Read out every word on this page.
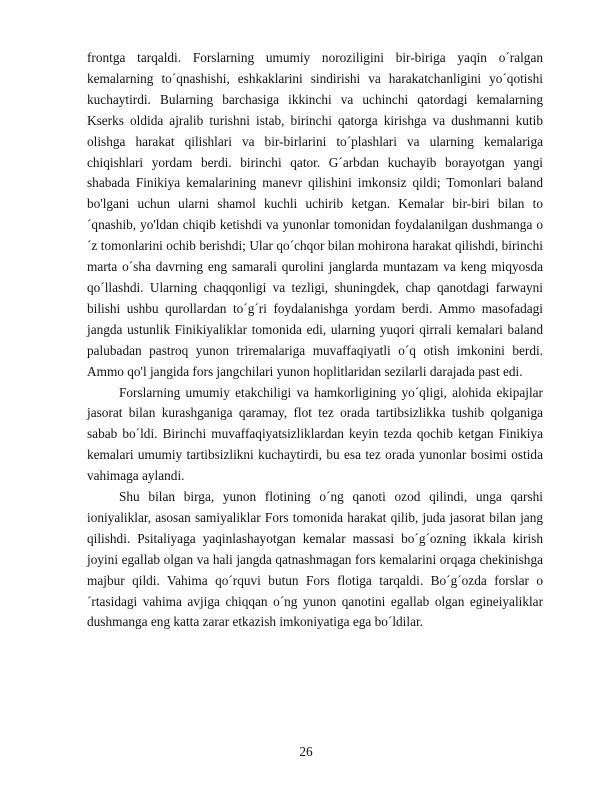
frontga tarqaldi. Forslarning umumiy noroziligini bir-biriga yaqin o´ralgan kemalarning to´qnashishi, eshkaklarini sindirishi va harakatchanligini yo´qotishi kuchaytirdi. Bularning barchasiga ikkinchi va uchinchi qatordagi kemalarning Kserks oldida ajralib turishni istab, birinchi qatorga kirishga va dushmanni kutib olishga harakat qilishlari va bir-birlarini to´plashlari va ularning kemalariga chiqishlari yordam berdi. birinchi qator. G´arbdan kuchayib borayotgan yangi shabada Finikiya kemalarining manevr qilishini imkonsiz qildi; Tomonlari baland bo'lgani uchun ularni shamol kuchli uchirib ketgan. Kemalar bir-biri bilan to´qnashib, yo'ldan chiqib ketishdi va yunonlar tomonidan foydalanilgan dushmanga o´z tomonlarini ochib berishdi; Ular qo´chqor bilan mohirona harakat qilishdi, birinchi marta o´sha davrning eng samarali qurolini janglarda muntazam va keng miqyosda qo´llashdi. Ularning chaqqonligi va tezligi, shuningdek, chap qanotdagi farwayni bilishi ushbu qurollardan to´g´ri foydalanishga yordam berdi. Ammo masofadagi jangda ustunlik Finikiyaliklar tomonida edi, ularning yuqori qirrali kemalari baland palubadan pastroq yunon triremalariga muvaffaqiyatli o´q otish imkonini berdi. Ammo qo'l jangida fors jangchilari yunon hoplitlaridan sezilarli darajada past edi.

Forslarning umumiy etakchiligi va hamkorligining yo´qligi, alohida ekipajlar jasorat bilan kurashganiga qaramay, flot tez orada tartibsizlikka tushib qolganiga sabab bo´ldi. Birinchi muvaffaqiyatsizliklardan keyin tezda qochib ketgan Finikiya kemalari umumiy tartibsizlikni kuchaytirdi, bu esa tez orada yunonlar bosimi ostida vahimaga aylandi.

Shu bilan birga, yunon flotining o´ng qanoti ozod qilindi, unga qarshi ioniyaliklar, asosan samiyaliklar Fors tomonida harakat qilib, juda jasorat bilan jang qilishdi. Psitaliyaga yaqinlashayotgan kemalar massasi bo´g´ozning ikkala kirish joyini egallab olgan va hali jangda qatnashmagan fors kemalarini orqaga chekinishga majbur qildi. Vahima qo´rquvi butun Fors flotiga tarqaldi. Bo´g´ozda forslar o´rtasidagi vahima avjiga chiqqan o´ng yunon qanotini egallab olgan egineiyaliklar dushmanga eng katta zarar etkazish imkoniyatiga ega bo´ldilar.

26
